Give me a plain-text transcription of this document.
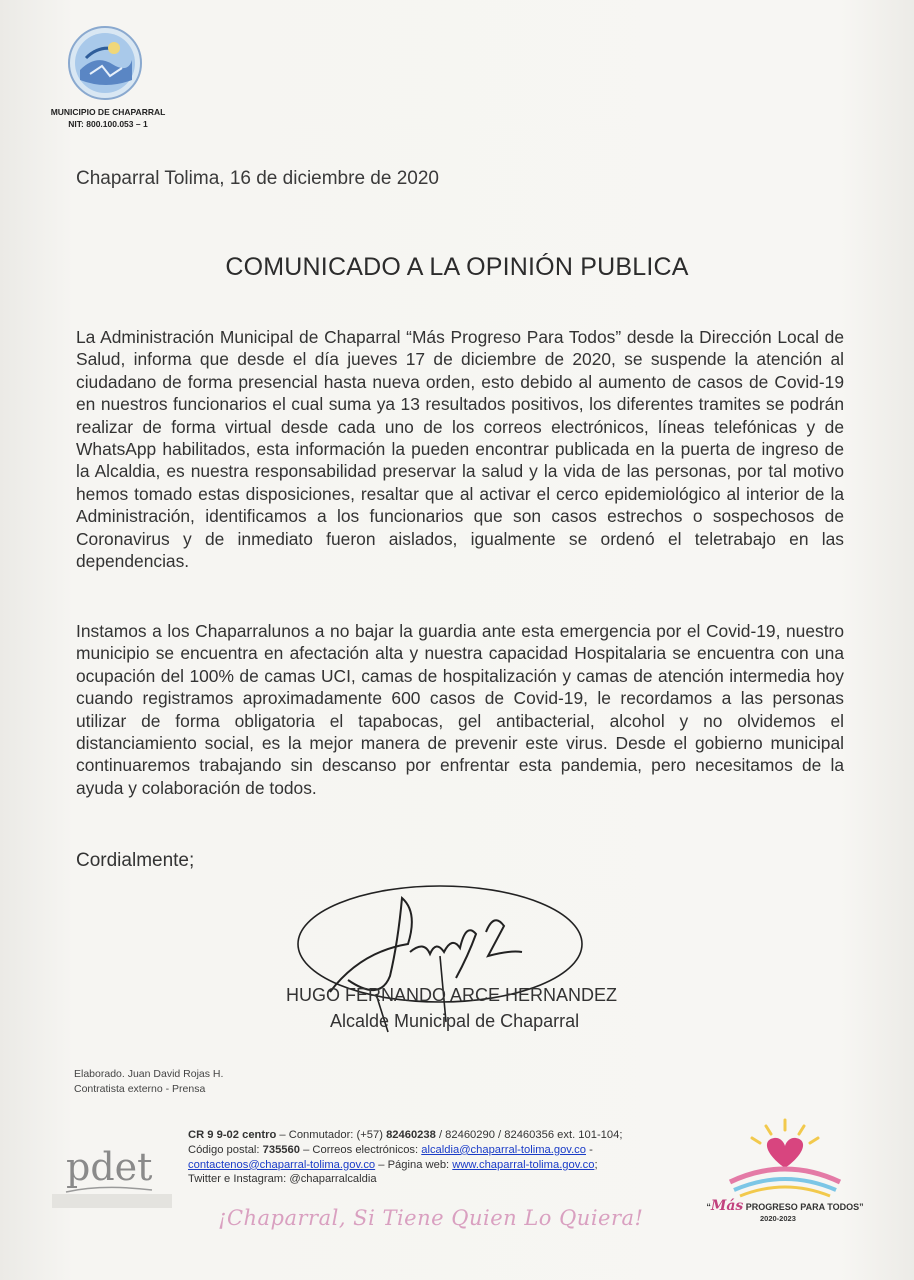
MUNICIPIO DE CHAPARRAL
NIT: 800.100.053 – 1
Chaparral Tolima, 16 de diciembre de 2020
COMUNICADO A LA OPINIÓN PUBLICA
La Administración Municipal de Chaparral “Más Progreso Para Todos” desde la Dirección Local de Salud, informa que desde el día jueves 17 de diciembre de 2020, se suspende la atención al ciudadano de forma presencial hasta nueva orden, esto debido al aumento de casos de Covid-19 en nuestros funcionarios el cual suma ya 13 resultados positivos, los diferentes tramites se podrán realizar de forma virtual desde cada uno de los correos electrónicos, líneas telefónicas y de WhatsApp habilitados, esta información la pueden encontrar publicada en la puerta de ingreso de la Alcaldia, es nuestra responsabilidad preservar la salud y la vida de las personas, por tal motivo hemos tomado estas disposiciones, resaltar que al activar el cerco epidemiológico al interior de la Administración, identificamos a los funcionarios que son casos estrechos o sospechosos de Coronavirus y de inmediato fueron aislados, igualmente se ordenó el teletrabajo en las dependencias.
Instamos a los Chaparralunos a no bajar la guardia ante esta emergencia por el Covid-19, nuestro municipio se encuentra en afectación alta y nuestra capacidad Hospitalaria se encuentra con una ocupación del 100% de camas UCI, camas de hospitalización y camas de atención intermedia hoy cuando registramos aproximadamente 600 casos de Covid-19, le recordamos a las personas utilizar de forma obligatoria el tapabocas, gel antibacterial, alcohol y no olvidemos el distanciamiento social, es la mejor manera de prevenir este virus. Desde el gobierno municipal continuaremos trabajando sin descanso por enfrentar esta pandemia, pero necesitamos de la ayuda y colaboración de todos.
Cordialmente;
HUGO FERNANDO ARCE HERNANDEZ
Alcalde Municipal de Chaparral
Elaborado. Juan David Rojas H.
Contratista externo - Prensa
pdet
CR 9 9-02 centro – Conmutador: (+57) 82460238 / 82460290 / 82460356 ext. 101-104;
Código postal: 735560 – Correos electrónicos: alcaldia@chaparral-tolima.gov.co -
contactenos@chaparral-tolima.gov.co – Página web: www.chaparral-tolima.gov.co;
Twitter e Instagram: @chaparralcaldia
¡Chaparral, Si Tiene Quien Lo Quiera!	“Más PROGRESO PARA TODOS”
2020-2023
